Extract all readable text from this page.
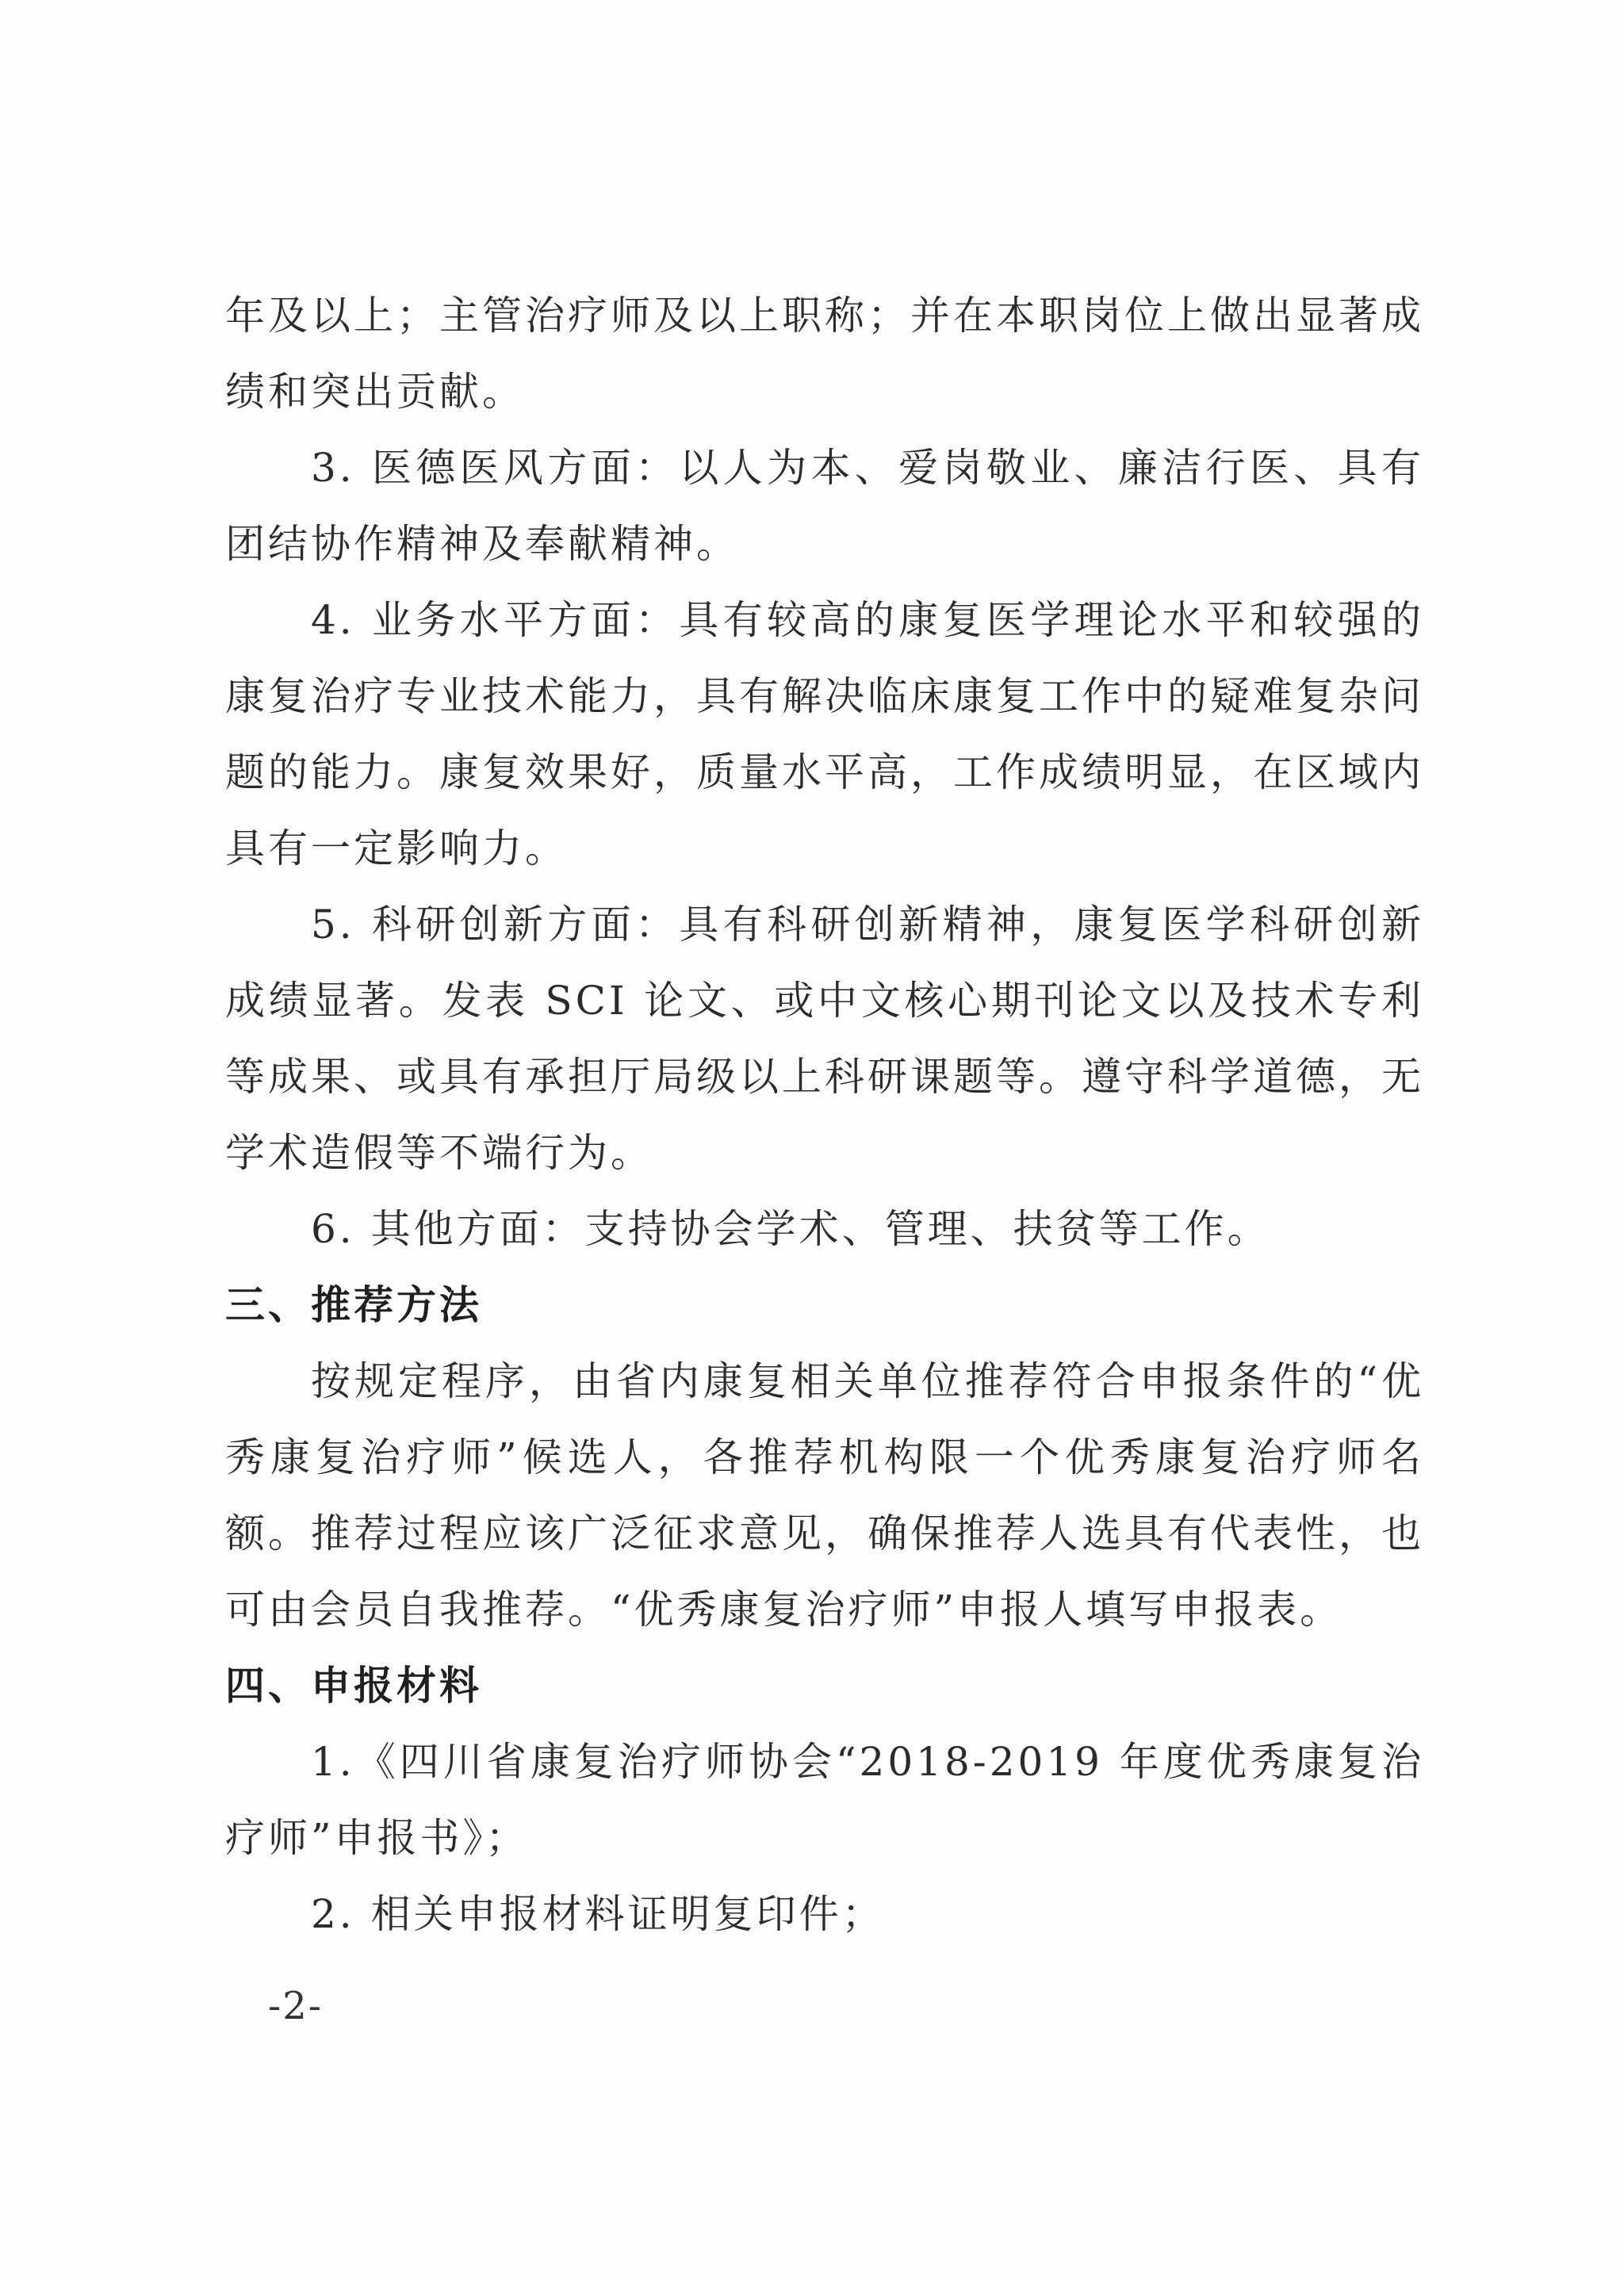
年及以上；主管治疗师及以上职称；并在本职岗位上做出显著成绩和突出贡献。

3. 医德医风方面：以人为本、爱岗敬业、廉洁行医、具有团结协作精神及奉献精神。

4. 业务水平方面：具有较高的康复医学理论水平和较强的康复治疗专业技术能力，具有解决临床康复工作中的疑难复杂问题的能力。康复效果好，质量水平高，工作成绩明显，在区域内具有一定影响力。

5. 科研创新方面：具有科研创新精神，康复医学科研创新成绩显著。发表 SCI 论文、或中文核心期刊论文以及技术专利等成果、或具有承担厅局级以上科研课题等。遵守科学道德，无学术造假等不端行为。

6. 其他方面：支持协会学术、管理、扶贫等工作。

三、推荐方法

按规定程序，由省内康复相关单位推荐符合申报条件的“优秀康复治疗师”候选人，各推荐机构限一个优秀康复治疗师名额。推荐过程应该广泛征求意见，确保推荐人选具有代表性，也可由会员自我推荐。“优秀康复治疗师”申报人填写申报表。

四、申报材料

1.《四川省康复治疗师协会“2018-2019 年度优秀康复治疗师”申报书》；

2. 相关申报材料证明复印件；

-2-
